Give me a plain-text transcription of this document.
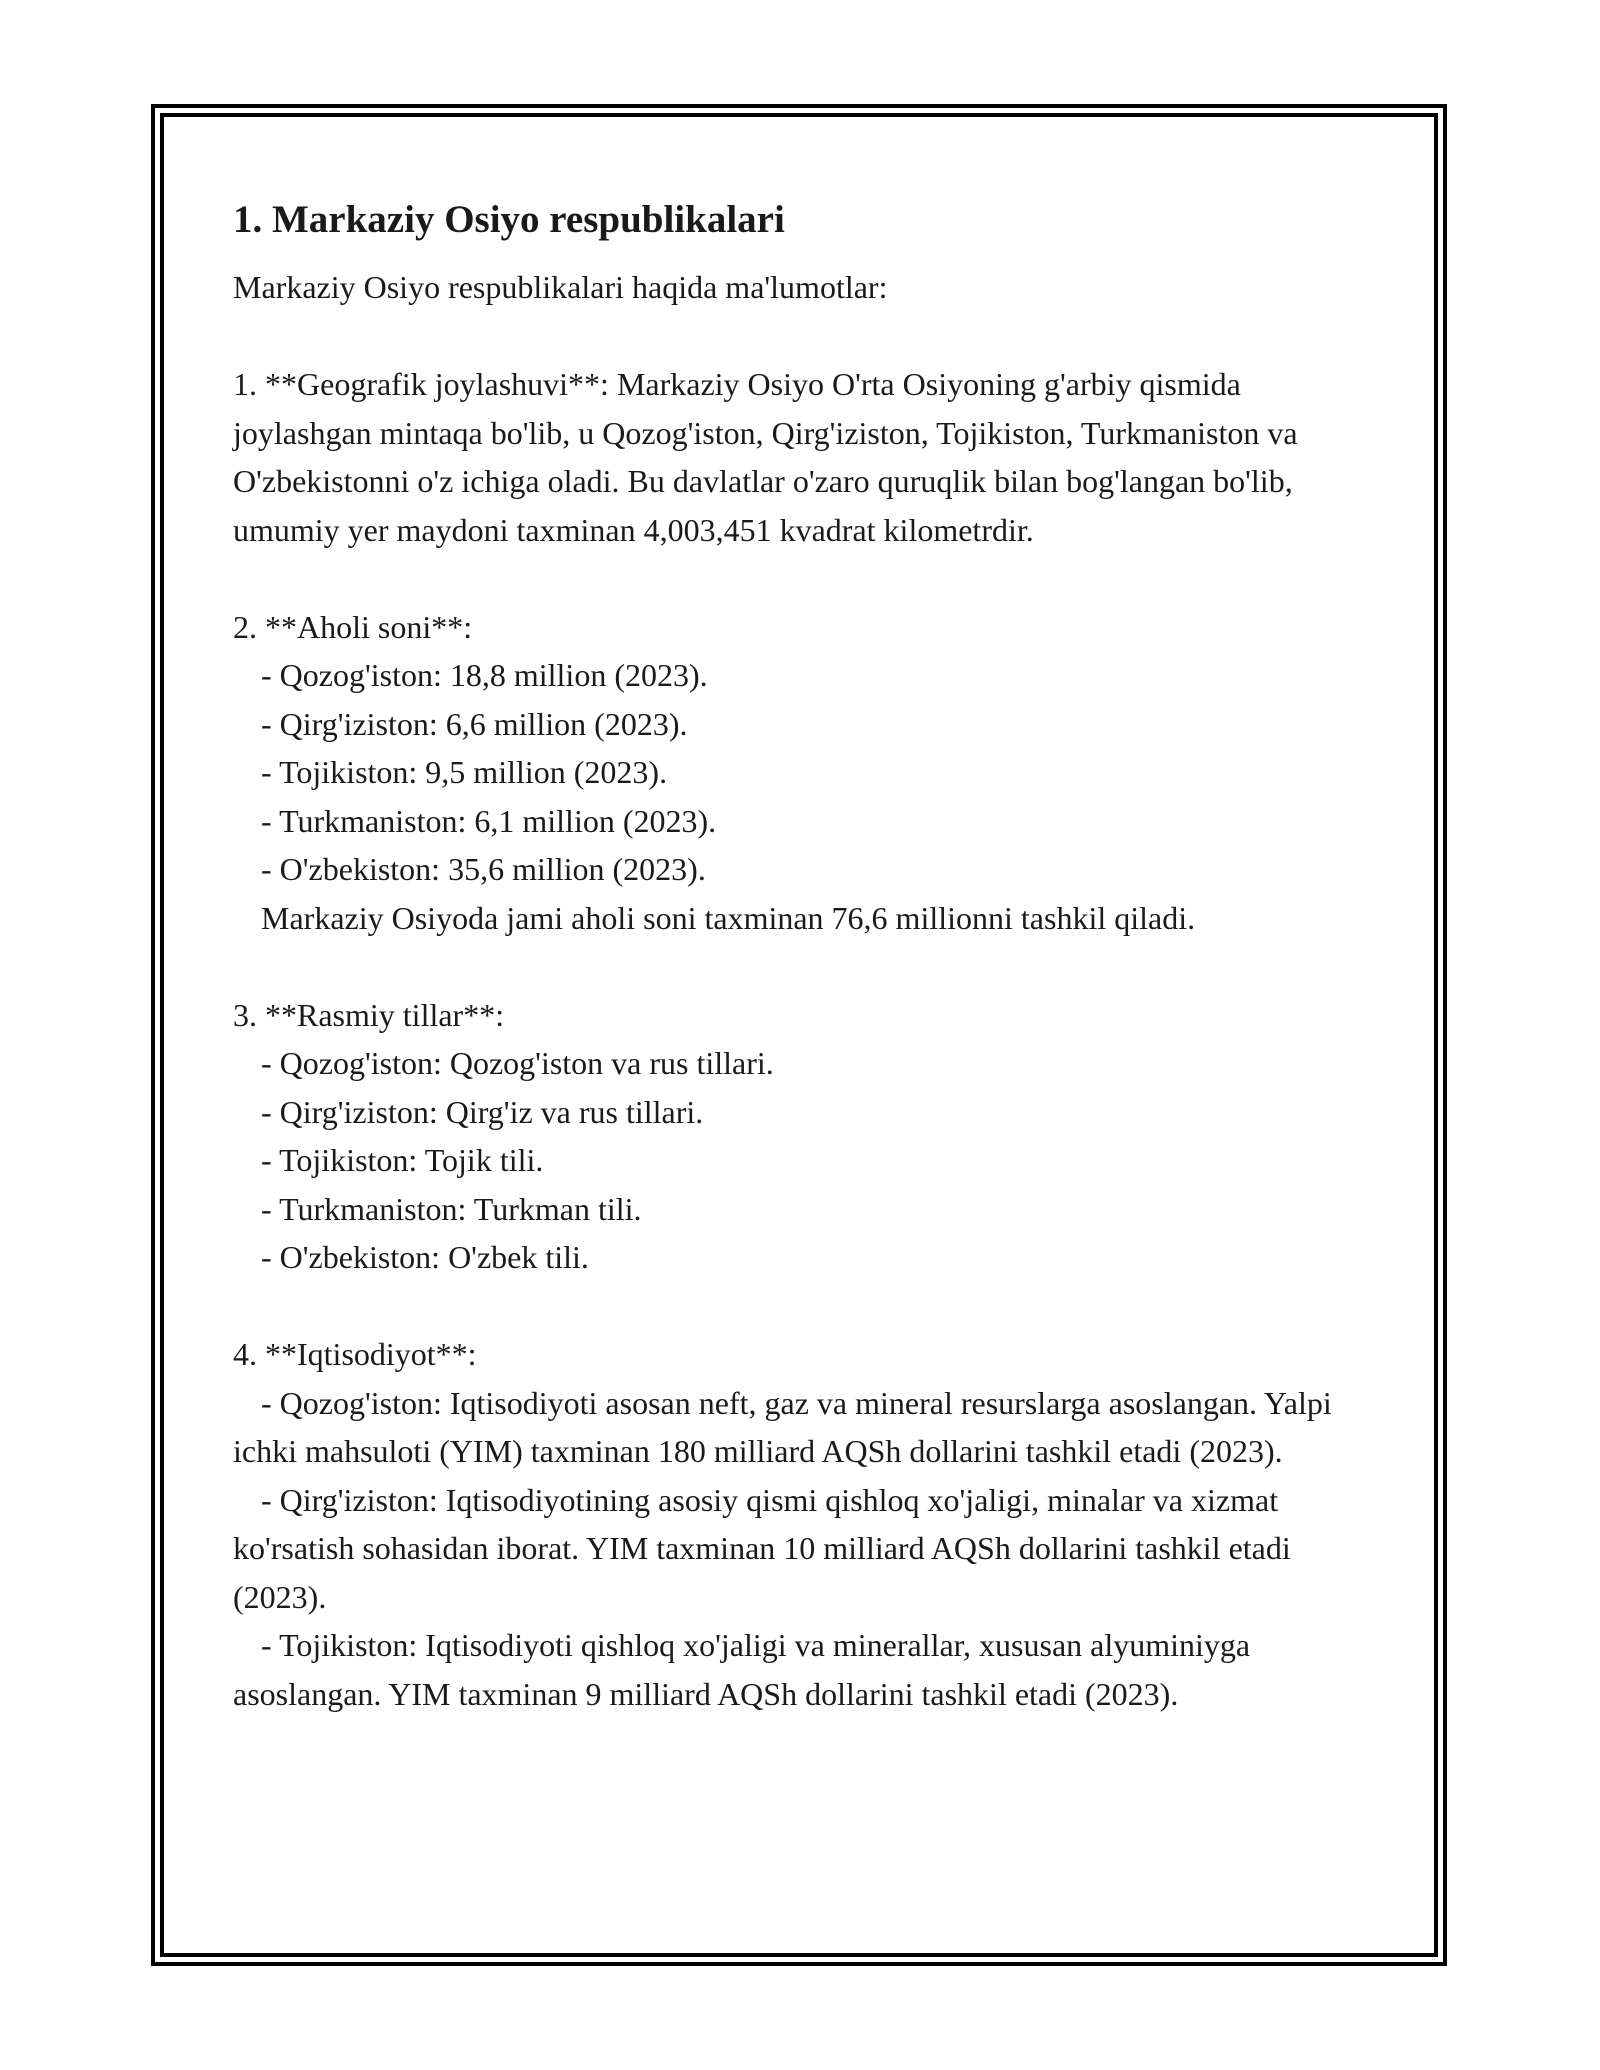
1. Markaziy Osiyo respublikalari

Markaziy Osiyo respublikalari haqida ma'lumotlar:

1. **Geografik joylashuvi**: Markaziy Osiyo O'rta Osiyoning g'arbiy qismida joylashgan mintaqa bo'lib, u Qozog'iston, Qirg'iziston, Tojikiston, Turkmaniston va O'zbekistonni o'z ichiga oladi. Bu davlatlar o'zaro quruqlik bilan bog'langan bo'lib, umumiy yer maydoni taxminan 4,003,451 kvadrat kilometrdir.

2. **Aholi soni**:

- Qozog'iston: 18,8 million (2023).

- Qirg'iziston: 6,6 million (2023).

- Tojikiston: 9,5 million (2023).

- Turkmaniston: 6,1 million (2023).

- O'zbekiston: 35,6 million (2023).

Markaziy Osiyoda jami aholi soni taxminan 76,6 millionni tashkil qiladi.

3. **Rasmiy tillar**:

- Qozog'iston: Qozog'iston va rus tillari.

- Qirg'iziston: Qirg'iz va rus tillari.

- Tojikiston: Tojik tili.

- Turkmaniston: Turkman tili.

- O'zbekiston: O'zbek tili.

4. **Iqtisodiyot**:

- Qozog'iston: Iqtisodiyoti asosan neft, gaz va mineral resurslarga asoslangan. Yalpi ichki mahsuloti (YIM) taxminan 180 milliard AQSh dollarini tashkil etadi (2023).

- Qirg'iziston: Iqtisodiyotining asosiy qismi qishloq xo'jaligi, minalar va xizmat ko'rsatish sohasidan iborat. YIM taxminan 10 milliard AQSh dollarini tashkil etadi (2023).

- Tojikiston: Iqtisodiyoti qishloq xo'jaligi va minerallar, xususan alyuminiyga asoslangan. YIM taxminan 9 milliard AQSh dollarini tashkil etadi (2023).
